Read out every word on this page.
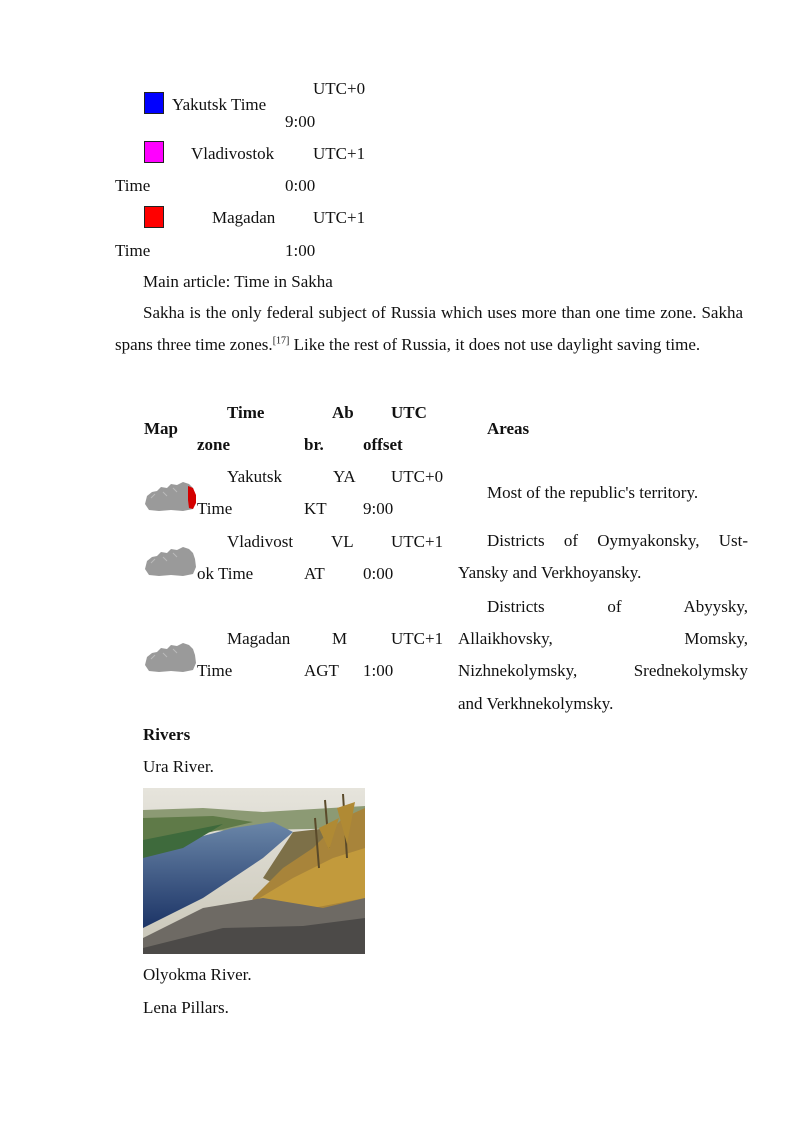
Yakutsk Time
UTC+0
9:00
Vladivostok UTC+1
Time	0:00
Magadan UTC+1
Time	1:00
Main article: Time in Sakha

Sakha is the only federal subject of Russia which uses more than one time zone. Sakha spans three time zones.[17] Like the rest of Russia, it does not use daylight saving time.

Map
Time
zone
Ab
br.
UTC
offset
Areas
Yakutsk
Time
YA
KT
UTC+0
9:00
Most of the republic's territory.
Vladivost
ok Time
VL
AT
UTC+1
0:00
Districts of Oymyakonsky, Ust-
Yansky and Verkhoyansky.
Magadan
Time
M
AGT
UTC+1
1:00
Districts of Abyysky,
Allaikhovsky, Momsky,
Nizhnekolymsky, Srednekolymsky
and Verkhnekolymsky.
Rivers
Ura River.
Olyokma River.
Lena Pillars.
